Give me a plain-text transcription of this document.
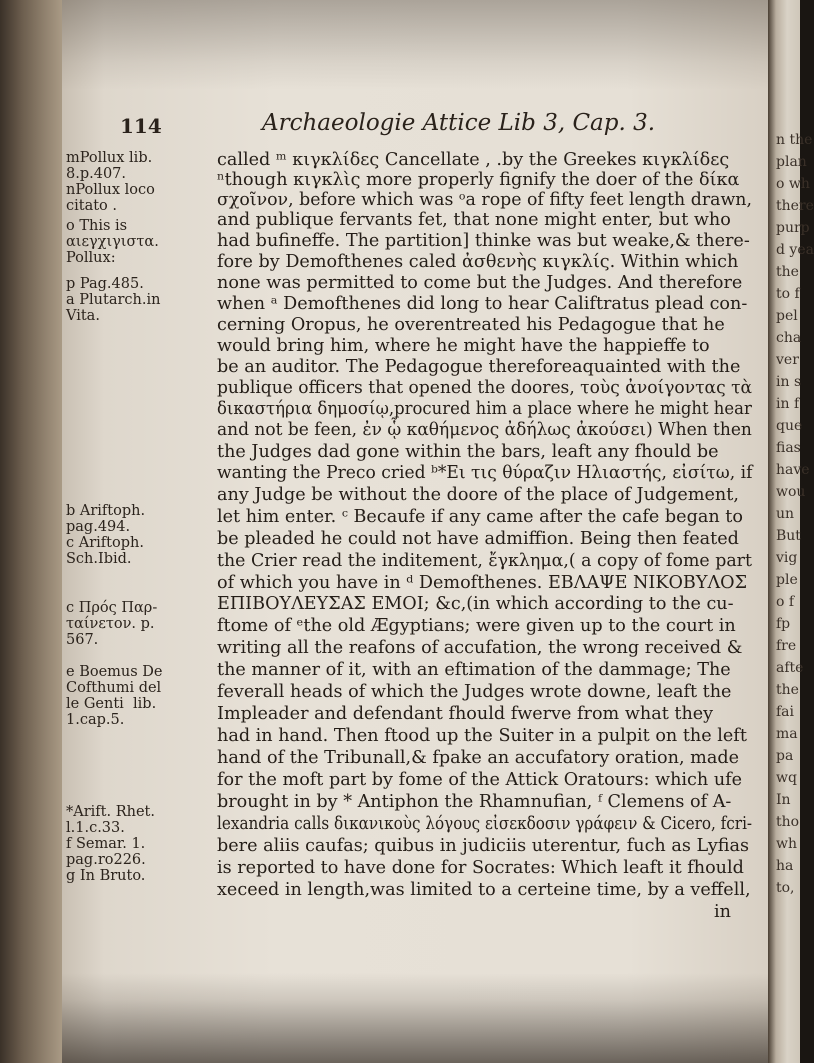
114	Archaeologie Attice Lib 3, Cap. 3.
mPollux lib.
8.p.407.
nPollux loco
citato .
o This is
αιεγχιγιστα.
Pollux:
p Pag.485.
a Plutarch.in
Vita.
b Ariftoph.
pag.494.
c Ariftoph.
Sch.Ibid.
c Πρός Παρ-
ταίνετον. p.
567.
e Boemus De
Cofthumi del
le Genti  lib.
1.cap.5.
*Arift. Rhet.
l.1.c.33.
f Semar. 1.
pag.ro226.
g In Bruto.
called ᵐ κιγκλίδες Cancellate , .by the Greekes κιγκλίδες
ⁿthough κιγκλὶς more properly fignify the doer of the δίκα
σχοῖνον, before which was ᵒa rope of fifty feet length drawn,
and publique fervants fet, that none might enter, but who
had bufineffe. The partition] thinke was but weake,& there-
fore by Demofthenes caled ἀσθενὴς κιγκλίς. Within which
none was permitted to come but the Judges. And therefore
when ᵃ Demofthenes did long to hear Califtratus plead con-
cerning Oropus, he overentreated his Pedagogue that he
would bring him, where he might have the happieffe to
be an auditor. The Pedagogue thereforeaquainted with the
publique officers that opened the doores, τοὺς ἀνοίγοντας τὰ
δικαστήρια δημοσίῳ,procured him a place where he might hear
and not be feen, ἐν ᾧ καθήμενος ἀδήλως ἀκούσει) When then
the Judges dad gone within the bars, leaft any fhould be
wanting the Preco cried ᵇ*Ει τις θύραζιν Ηλιαστής, εἰσίτω, if
any Judge be without the doore of the place of Judgement,
let him enter. ᶜ Becaufe if any came after the cafe began to
be pleaded he could not have admiffion. Being then feated
the Crier read the inditement, ἔγκλημα,( a copy of fome part
of which you have in ᵈ Demofthenes. ΕΒΛΑΨΕ ΝΙΚΟΒΥΛΟΣ
ΕΠΙΒΟΥΛΕΥΣΑΣ ΕΜΟΙ; &c,(in which according to the cu-
ftome of ᵉthe old Ægyptians; were given up to the court in
writing all the reafons of accufation, the wrong received &
the manner of it, with an eftimation of the dammage; The
feverall heads of which the Judges wrote downe, leaft the
Impleader and defendant fhould fwerve from what they
had in hand. Then ftood up the Suiter in a pulpit on the left
hand of the Tribunall,& fpake an accufatory oration, made
for the moft part by fome of the Attick Oratours: which ufe
brought in by * Antiphon the Rhamnufian, ᶠ Clemens of A-
lexandria calls δικανικοὺς λόγους εἰσεκδοσιν γράφειν & Cicero, fcri-
bere aliis caufas; quibus in judiciis uterentur, fuch as Lyfias
is reported to have done for Socrates: Which leaft it fhould
xeceed in length,was limited to a certeine time, by a veffell,
in
n the
plan
o wh
there
purp
d yea
the
to f
pel
cha
ver
in s
in f
que
fias
have
wou
un
But
vig
ple
o f
fp
fre
afte
the
fai
ma
pa
wq
In
tho
wh
ha
to,
